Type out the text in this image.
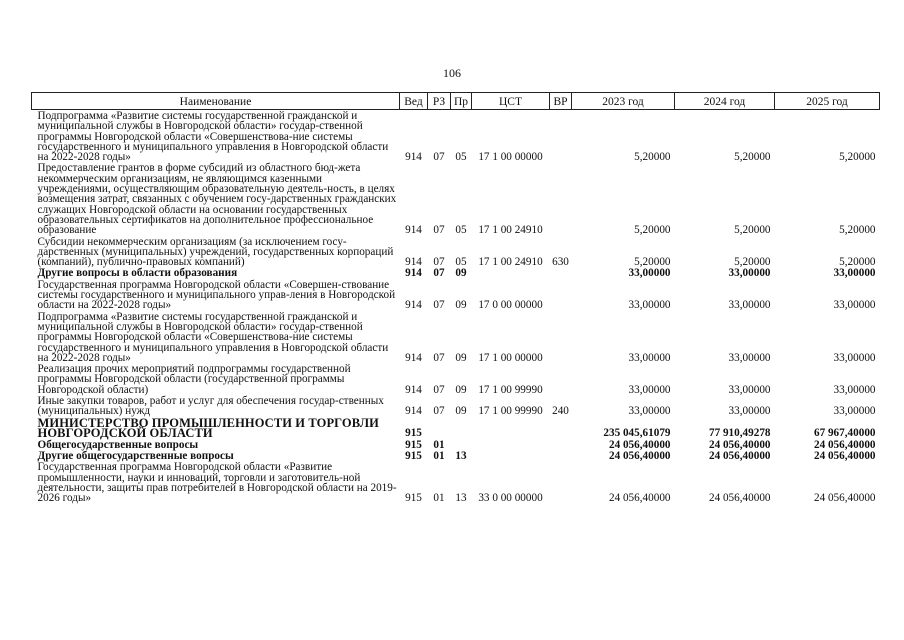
106
Наименование	Вед	РЗ	Пр	ЦСТ	ВР	2023 год	2024 год	2025 год
Подпрограмма «Развитие системы государственной гражданской и муниципальной службы в Новгородской области» государ-ственной программы Новгородской области «Совершенствова-ние системы государственного и муниципального управления в Новгородской области на 2022-2028 годы»	914	07	05	17 1 00 00000		5,20000	5,20000	5,20000
Предоставление грантов в форме субсидий из областного бюд-жета некоммерческим организациям, не являющимся казенными учреждениями, осуществляющим образовательную деятель-ность, в целях возмещения затрат, связанных с обучением госу-дарственных гражданских служащих Новгородской области на основании государственных образовательных сертификатов на дополнительное профессиональное образование	914	07	05	17 1 00 24910		5,20000	5,20000	5,20000
Субсидии некоммерческим организациям (за исключением госу-дарственных (муниципальных) учреждений, государственных корпораций (компаний), публично-правовых компаний)	914	07	05	17 1 00 24910	630	5,20000	5,20000	5,20000
Другие вопросы в области образования	914	07	09			33,00000	33,00000	33,00000
Государственная программа Новгородской области «Совершен-ствование системы государственного и муниципального управ-ления в Новгородской области на 2022-2028 годы»	914	07	09	17 0 00 00000		33,00000	33,00000	33,00000
Подпрограмма «Развитие системы государственной гражданской и муниципальной службы в Новгородской области» государ-ственной программы Новгородской области «Совершенствова-ние системы государственного и муниципального управления в Новгородской области на 2022-2028 годы»	914	07	09	17 1 00 00000		33,00000	33,00000	33,00000
Реализация прочих мероприятий подпрограммы государственной программы Новгородской области (государственной программы Новгородской области)	914	07	09	17 1 00 99990		33,00000	33,00000	33,00000
Иные закупки товаров, работ и услуг для обеспечения государ-ственных (муниципальных) нужд	914	07	09	17 1 00 99990	240	33,00000	33,00000	33,00000
МИНИСТЕРСТВО ПРОМЫШЛЕННОСТИ И ТОРГОВЛИ НОВГОРОДСКОЙ ОБЛАСТИ	915					235 045,61079	77 910,49278	67 967,40000
Общегосударственные вопросы	915	01				24 056,40000	24 056,40000	24 056,40000
Другие общегосударственные вопросы	915	01	13			24 056,40000	24 056,40000	24 056,40000
Государственная программа Новгородской области «Развитие промышленности, науки и инноваций, торговли и заготовитель-ной деятельности, защиты прав потребителей в Новгородской области на 2019-2026 годы»	915	01	13	33 0 00 00000		24 056,40000	24 056,40000	24 056,40000
